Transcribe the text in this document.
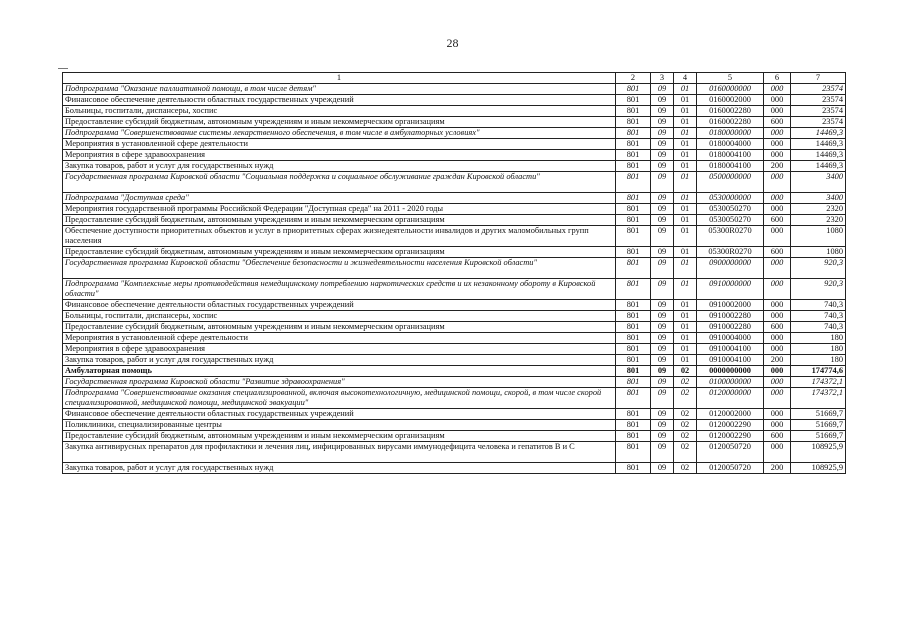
28
1	2	3	4	5	6	7
Подпрограмма "Оказание паллиативной помощи, в том числе детям"	801	09	01	0160000000	000	23574
Финансовое обеспечение деятельности областных государственных учреждений	801	09	01	0160002000	000	23574
Больницы, госпитали, диспансеры, хоспис	801	09	01	0160002280	000	23574
Предоставление субсидий бюджетным, автономным учреждениям и иным некоммерческим организациям	801	09	01	0160002280	600	23574
Подпрограмма "Совершенствование системы лекарственного обеспечения, в том числе в амбулаторных условиях"	801	09	01	0180000000	000	14469,3
Мероприятия в установленной сфере деятельности	801	09	01	0180004000	000	14469,3
Мероприятия в сфере здравоохранения	801	09	01	0180004100	000	14469,3
Закупка товаров, работ и услуг для государственных нужд	801	09	01	0180004100	200	14469,3
Государственная программа Кировской области "Социальная поддержка и социальное обслуживание граждан Кировской области"	801	09	01	0500000000	000	3400
Подпрограмма "Доступная среда"	801	09	01	0530000000	000	3400
Мероприятия государственной программы Российской Федерации "Доступная среда" на 2011 - 2020 годы	801	09	01	0530050270	000	2320
Предоставление субсидий бюджетным, автономным учреждениям и иным некоммерческим организациям	801	09	01	0530050270	600	2320
Обеспечение доступности приоритетных объектов и услуг в приоритетных сферах жизнедеятельности инвалидов и других маломобильных групп населения	801	09	01	05300R0270	000	1080
Предоставление субсидий бюджетным, автономным учреждениям и иным некоммерческим организациям	801	09	01	05300R0270	600	1080
Государственная программа Кировской области "Обеспечение безопасности и жизнедеятельности населения Кировской области"	801	09	01	0900000000	000	920,3
Подпрограмма "Комплексные меры противодействия немедицинскому потреблению наркотических средств и их незаконному обороту в Кировской области"	801	09	01	0910000000	000	920,3
Финансовое обеспечение деятельности областных государственных учреждений	801	09	01	0910002000	000	740,3
Больницы, госпитали, диспансеры, хоспис	801	09	01	0910002280	000	740,3
Предоставление субсидий бюджетным, автономным учреждениям и иным некоммерческим организациям	801	09	01	0910002280	600	740,3
Мероприятия в установленной сфере деятельности	801	09	01	0910004000	000	180
Мероприятия в сфере здравоохранения	801	09	01	0910004100	000	180
Закупка товаров, работ и услуг для государственных нужд	801	09	01	0910004100	200	180
Амбулаторная помощь	801	09	02	0000000000	000	174774,6
Государственная программа Кировской области "Развитие здравоохранения"	801	09	02	0100000000	000	174372,1
Подпрограмма "Совершенствование оказания специализированной, включая высокотехнологичную, медицинской помощи, скорой, в том числе скорой специализированной, медицинской помощи, медицинской эвакуации"	801	09	02	0120000000	000	174372,1
Финансовое обеспечение деятельности областных государственных учреждений	801	09	02	0120002000	000	51669,7
Поликлиники, специализированные центры	801	09	02	0120002290	000	51669,7
Предоставление субсидий бюджетным, автономным учреждениям и иным некоммерческим организациям	801	09	02	0120002290	600	51669,7
Закупка антивирусных препаратов для профилактики и лечения лиц, инфицированных вирусами иммунодефицита человека и гепатитов В и С	801	09	02	0120050720	000	108925,9
Закупка товаров, работ и услуг для государственных нужд	801	09	02	0120050720	200	108925,9
